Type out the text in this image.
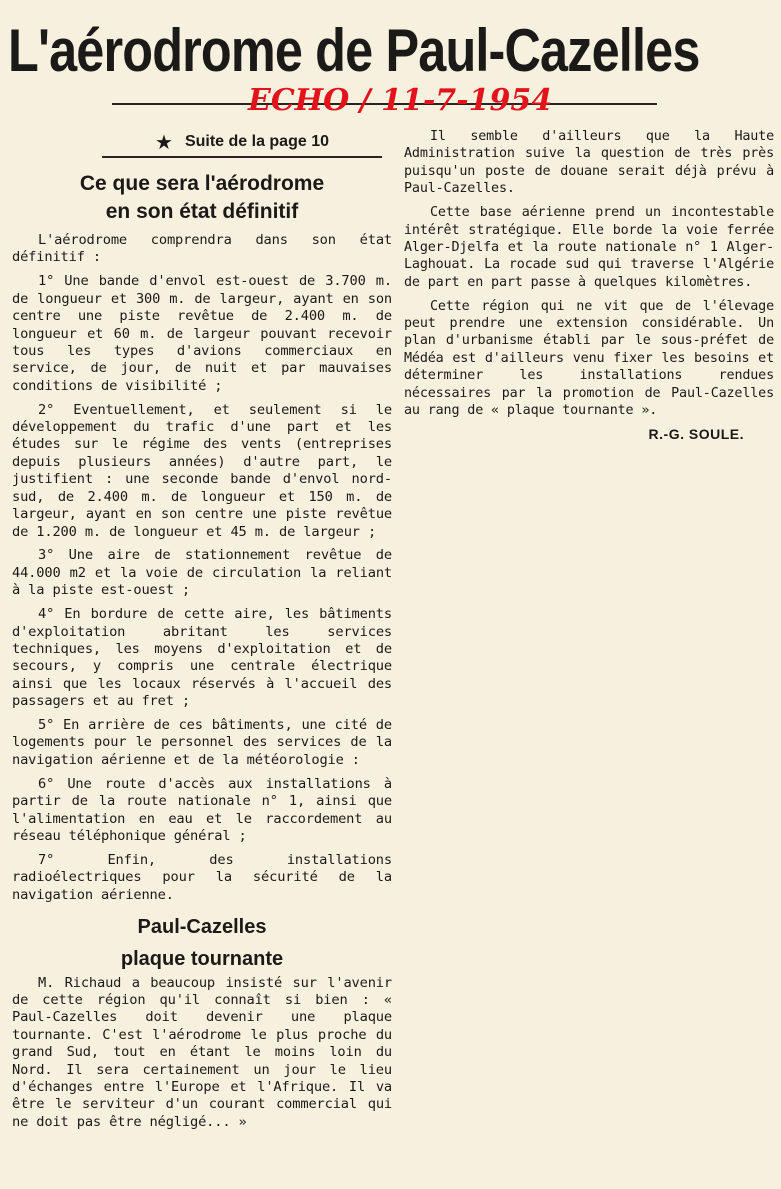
L'aérodrome de Paul-Cazelles
ECHO / 11-7-1954
★ Suite de la page 10
Ce que sera l'aérodrome
en son état définitif

L'aérodrome comprendra dans son état définitif :

1° Une bande d'envol est-ouest de 3.700 m. de longueur et 300 m. de largeur, ayant en son centre une piste revêtue de 2.400 m. de longueur et 60 m. de largeur pouvant recevoir tous les types d'avions commerciaux en service, de jour, de nuit et par mauvaises conditions de visibilité ;

2° Eventuellement, et seulement si le développement du trafic d'une part et les études sur le régime des vents (entreprises depuis plusieurs années) d'autre part, le justifient : une seconde bande d'envol nord-sud, de 2.400 m. de longueur et 150 m. de largeur, ayant en son centre une piste revêtue de 1.200 m. de longueur et 45 m. de largeur ;

3° Une aire de stationnement revêtue de 44.000 m2 et la voie de circulation la reliant à la piste est-ouest ;

4° En bordure de cette aire, les bâtiments d'exploitation abritant les services techniques, les moyens d'exploitation et de secours, y compris une centrale électrique ainsi que les locaux réservés à l'accueil des passagers et au fret ;

5° En arrière de ces bâtiments, une cité de logements pour le personnel des services de la navigation aérienne et de la météorologie :

6° Une route d'accès aux installations à partir de la route nationale n° 1, ainsi que l'alimentation en eau et le raccordement au réseau téléphonique général ;

7° Enfin, des installations radioélectriques pour la sécurité de la navigation aérienne.

Paul-Cazelles
plaque tournante

M. Richaud a beaucoup insisté sur l'avenir de cette région qu'il connaît si bien : « Paul-Cazelles doit devenir une plaque tournante. C'est l'aérodrome le plus proche du grand Sud, tout en étant le moins loin du Nord. Il sera certainement un jour le lieu d'échanges entre l'Europe et l'Afrique. Il va être le serviteur d'un courant commercial qui ne doit pas être négligé... »

Il semble d'ailleurs que la Haute Administration suive la question de très près puisqu'un poste de douane serait déjà prévu à Paul-Cazelles.

Cette base aérienne prend un incontestable intérêt stratégique. Elle borde la voie ferrée Alger-Djelfa et la route nationale n° 1 Alger-Laghouat. La rocade sud qui traverse l'Algérie de part en part passe à quelques kilomètres.

Cette région qui ne vit que de l'élevage peut prendre une extension considérable. Un plan d'urbanisme établi par le sous-préfet de Médéa est d'ailleurs venu fixer les besoins et déterminer les installations rendues nécessaires par la promotion de Paul-Cazelles au rang de « plaque tournante ».

R.-G. SOULE.
